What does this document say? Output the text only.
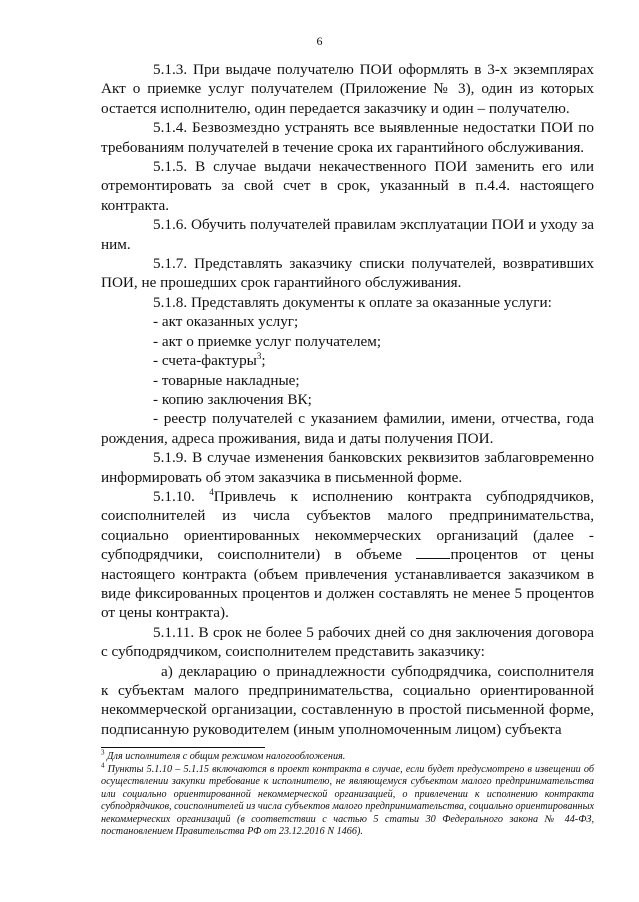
6

5.1.3. При выдаче получателю ПОИ оформлять в 3-х экземплярах Акт о приемке услуг получателем (Приложение № 3), один из которых остается исполнителю, один передается заказчику и один – получателю.

5.1.4. Безвозмездно устранять все выявленные недостатки ПОИ по требованиям получателей в течение срока их гарантийного обслуживания.

5.1.5. В случае выдачи некачественного ПОИ заменить его или отремонтировать за свой счет в срок, указанный в п.4.4. настоящего контракта.

5.1.6. Обучить получателей правилам эксплуатации ПОИ и уходу за ним.

5.1.7. Представлять заказчику списки получателей, возвративших ПОИ, не прошедших срок гарантийного обслуживания.

5.1.8. Представлять документы к оплате за оказанные услуги:

- акт оказанных услуг;

- акт о приемке услуг получателем;

- счета-фактуры$^3$;

- товарные накладные;

- копию заключения ВК;

- реестр получателей с указанием фамилии, имени, отчества, года рождения, адреса проживания, вида и даты получения ПОИ.

5.1.9. В случае изменения банковских реквизитов заблаговременно информировать об этом заказчика в письменной форме.

5.1.10. $^4$Привлечь к исполнению контракта субподрядчиков, соисполнителей из числа субъектов малого предпринимательства, социально ориентированных некоммерческих организаций (далее - субподрядчики, соисполнители) в объеме	процентов от цены настоящего контракта (объем привлечения устанавливается заказчиком в виде фиксированных процентов и должен составлять не менее 5 процентов от цены контракта).

5.1.11. В срок не более 5 рабочих дней со дня заключения договора с субподрядчиком, соисполнителем представить заказчику:

а) декларацию о принадлежности субподрядчика, соисполнителя к субъектам малого предпринимательства, социально ориентированной некоммерческой организации, составленную в простой письменной форме, подписанную руководителем (иным уполномоченным лицом) субъекта

$^3$ Для исполнителя с общим режимом налогообложения.

$^4$ Пункты 5.1.10 – 5.1.15 включаются в проект контракта в случае, если будет предусмотрено в извещении об осуществлении закупки требование к исполнителю, не являющемуся субъектом малого предпринимательства или социально ориентированной некоммерческой организацией, о привлечении к исполнению контракта субподрядчиков, соисполнителей из числа субъектов малого предпринимательства, социально ориентированных некоммерческих организаций (в соответствии с частью 5 статьи 30 Федерального закона № 44-ФЗ, постановлением Правительства РФ от 23.12.2016 N 1466).
